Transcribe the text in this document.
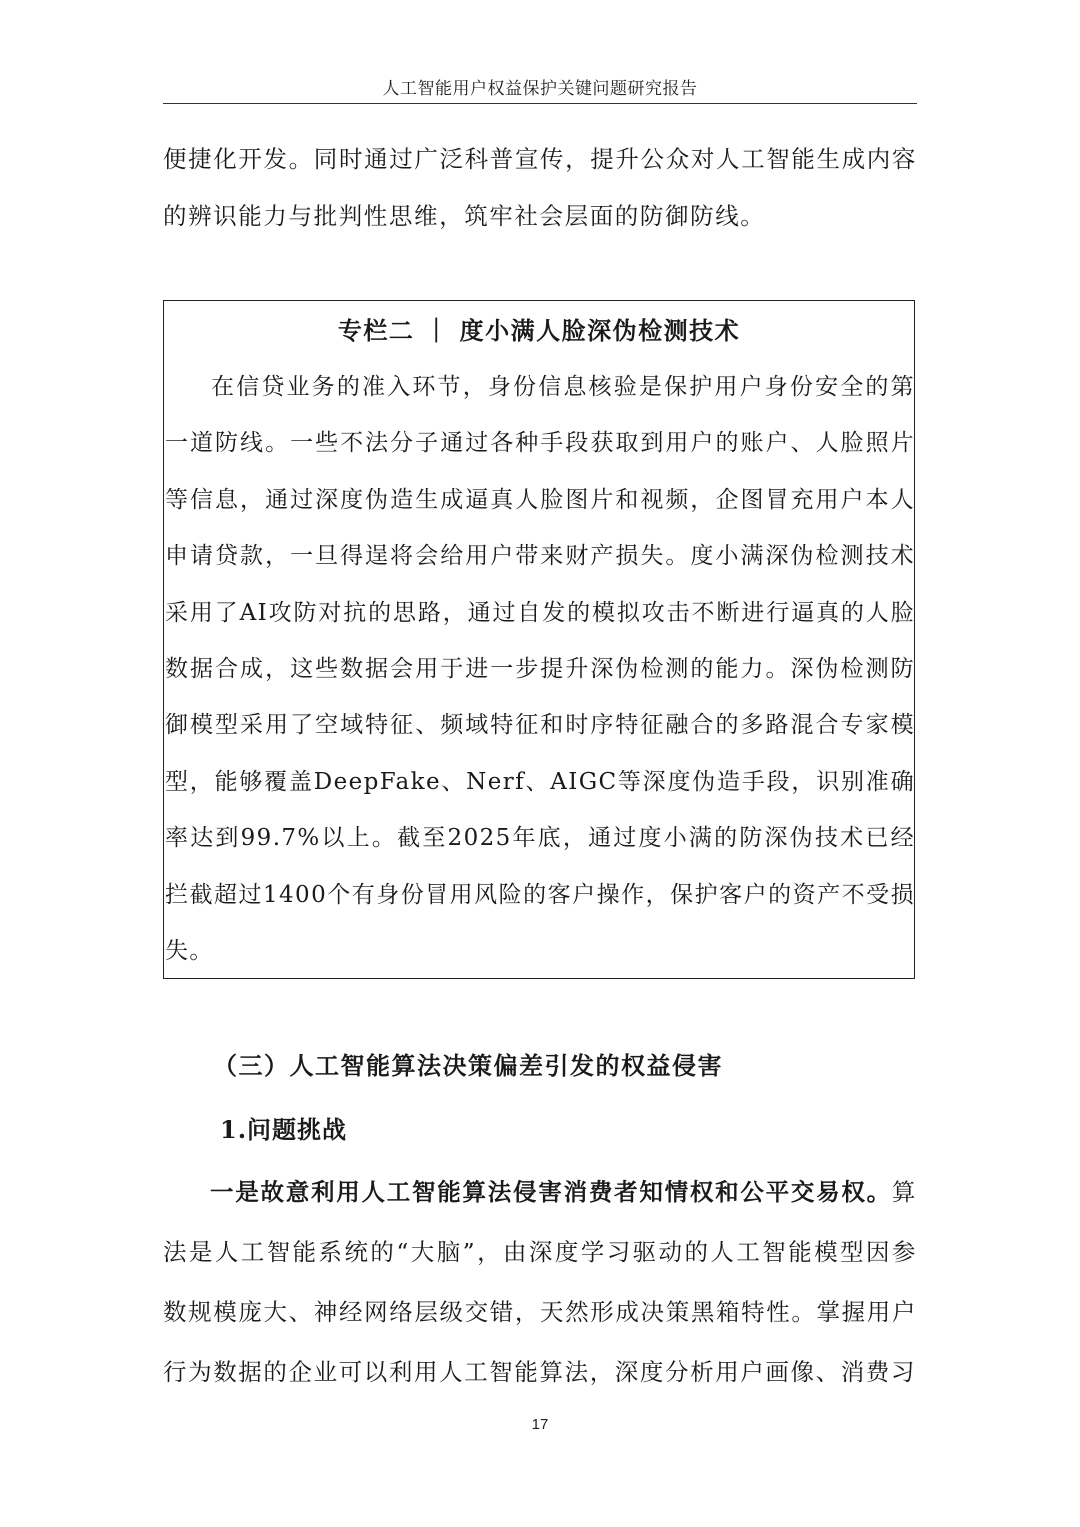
人工智能用户权益保护关键问题研究报告

便捷化开发。同时通过广泛科普宣传，提升公众对人工智能生成内容的辨识能力与批判性思维，筑牢社会层面的防御防线。

专栏二 ｜ 度小满人脸深伪检测技术

在信贷业务的准入环节，身份信息核验是保护用户身份安全的第一道防线。一些不法分子通过各种手段获取到用户的账户、人脸照片等信息，通过深度伪造生成逼真人脸图片和视频，企图冒充用户本人申请贷款，一旦得逞将会给用户带来财产损失。度小满深伪检测技术采用了AI攻防对抗的思路，通过自发的模拟攻击不断进行逼真的人脸数据合成，这些数据会用于进一步提升深伪检测的能力。深伪检测防御模型采用了空域特征、频域特征和时序特征融合的多路混合专家模型，能够覆盖DeepFake、Nerf、AIGC等深度伪造手段，识别准确率达到99.7%以上。截至2025年底，通过度小满的防深伪技术已经拦截超过1400个有身份冒用风险的客户操作，保护客户的资产不受损失。

（三）人工智能算法决策偏差引发的权益侵害
1.问题挑战

一是故意利用人工智能算法侵害消费者知情权和公平交易权。算法是人工智能系统的“大脑”，由深度学习驱动的人工智能模型因参数规模庞大、神经网络层级交错，天然形成决策黑箱特性。掌握用户行为数据的企业可以利用人工智能算法，深度分析用户画像、消费习

17
